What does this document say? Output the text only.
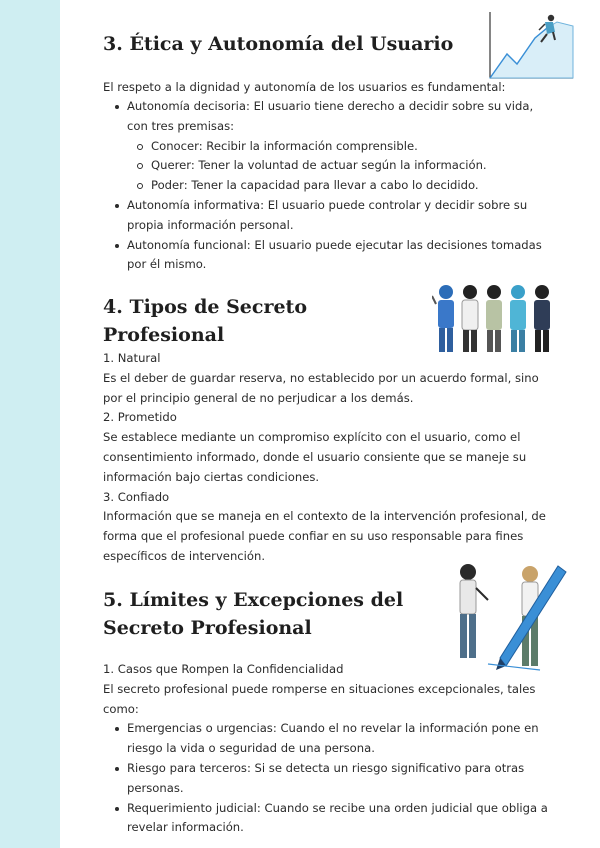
3. Ética y Autonomía del Usuario

El respeto a la dignidad y autonomía de los usuarios es fundamental:

Autonomía decisoria: El usuario tiene derecho a decidir sobre su vida, con tres premisas:
Conocer: Recibir la información comprensible.
Querer: Tener la voluntad de actuar según la información.
Poder: Tener la capacidad para llevar a cabo lo decidido.
Autonomía informativa: El usuario puede controlar y decidir sobre su propia información personal.
Autonomía funcional: El usuario puede ejecutar las decisiones tomadas por él mismo.
4. Tipos de Secreto Profesional

1. Natural

Es el deber de guardar reserva, no establecido por un acuerdo formal, sino por el principio general de no perjudicar a los demás.

2. Prometido

Se establece mediante un compromiso explícito con el usuario, como el consentimiento informado, donde el usuario consiente que se maneje su información bajo ciertas condiciones.

3. Confiado

Información que se maneja en el contexto de la intervención profesional, de forma que el profesional puede confiar en su uso responsable para fines específicos de intervención.

5. Límites y Excepciones del Secreto Profesional

1. Casos que Rompen la Confidencialidad

El secreto profesional puede romperse en situaciones excepcionales, tales como:

Emergencias o urgencias: Cuando el no revelar la información pone en riesgo la vida o seguridad de una persona.
Riesgo para terceros: Si se detecta un riesgo significativo para otras personas.
Requerimiento judicial: Cuando se recibe una orden judicial que obliga a revelar información.
